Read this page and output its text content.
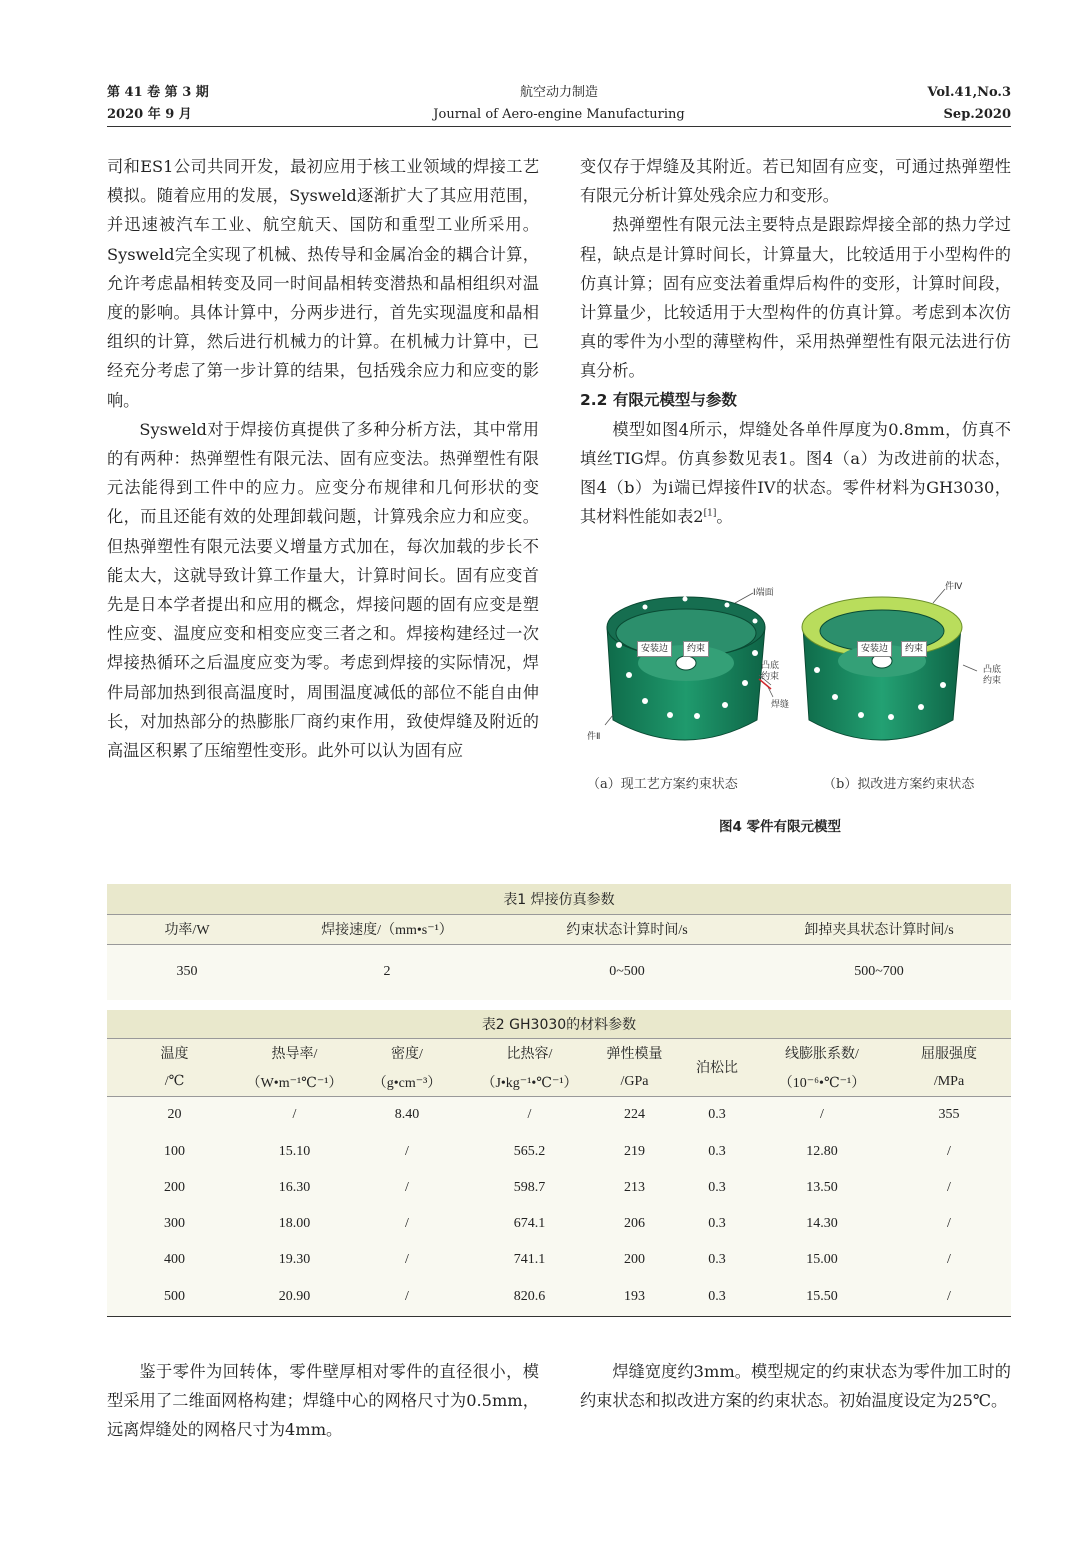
第 41 卷 第 3 期
2020 年 9 月
航空动力制造
Journal of Aero-engine Manufacturing
Vol.41,No.3
Sep.2020

司和ES1公司共同开发，最初应用于核工业领域的焊接工艺模拟。随着应用的发展，Sysweld逐渐扩大了其应用范围，并迅速被汽车工业、航空航天、国防和重型工业所采用。Sysweld完全实现了机械、热传导和金属冶金的耦合计算，允许考虑晶相转变及同一时间晶相转变潜热和晶相组织对温度的影响。具体计算中，分两步进行，首先实现温度和晶相组织的计算，然后进行机械力的计算。在机械力计算中，已经充分考虑了第一步计算的结果，包括残余应力和应变的影响。

Sysweld对于焊接仿真提供了多种分析方法，其中常用的有两种：热弹塑性有限元法、固有应变法。热弹塑性有限元法能得到工件中的应力。应变分布规律和几何形状的变化，而且还能有效的处理卸载问题，计算残余应力和应变。但热弹塑性有限元法要义增量方式加在，每次加载的步长不能太大，这就导致计算工作量大，计算时间长。固有应变首先是日本学者提出和应用的概念，焊接问题的固有应变是塑性应变、温度应变和相变应变三者之和。焊接构建经过一次焊接热循环之后温度应变为零。考虑到焊接的实际情况，焊件局部加热到很高温度时，周围温度减低的部位不能自由伸长，对加热部分的热膨胀厂商约束作用，致使焊缝及附近的高温区积累了压缩塑性变形。此外可以认为固有应

变仅存于焊缝及其附近。若已知固有应变，可通过热弹塑性有限元分析计算处残余应力和变形。

热弹塑性有限元法主要特点是跟踪焊接全部的热力学过程，缺点是计算时间长，计算量大，比较适用于小型构件的仿真计算；固有应变法着重焊后构件的变形，计算时间段，计算量少，比较适用于大型构件的仿真计算。考虑到本次仿真的零件为小型的薄壁构件，采用热弹塑性有限元法进行仿真分析。

2.2 有限元模型与参数

模型如图4所示，焊缝处各单件厚度为0.8mm，仿真不填丝TIG焊。仿真参数见表1。图4（a）为改进前的状态，图4（b）为i端已焊接件IV的状态。零件材料为GH3030，其材料性能如表2[1]。

I端面
安装边	约束
凸底约束
焊缝
件Ⅱ
件Ⅳ
安装边	约束
凸底约束
（a）现工艺方案约束状态	（b）拟改进方案约束状态
图4 零件有限元模型
表1 焊接仿真参数			
功率/W	焊接速度/（mm•s⁻¹）	约束状态计算时间/s	卸掉夹具状态计算时间/s
350	2	0~500	500~700
表2 GH3030的材料参数							
温度	热导率/	密度/	比热容/	弹性模量	泊松比	线膨胀系数/	屈服强度
/℃	（W•m⁻¹℃⁻¹）	（g•cm⁻³）	（J•kg⁻¹•℃⁻¹）	/GPa		（10⁻⁶•℃⁻¹）	/MPa
20	/	8.40	/	224	0.3	/	355
100	15.10	/	565.2	219	0.3	12.80	/
200	16.30	/	598.7	213	0.3	13.50	/
300	18.00	/	674.1	206	0.3	14.30	/
400	19.30	/	741.1	200	0.3	15.00	/
500	20.90	/	820.6	193	0.3	15.50	/

鉴于零件为回转体，零件壁厚相对零件的直径很小，模型采用了二维面网格构建；焊缝中心的网格尺寸为0.5mm，远离焊缝处的网格尺寸为4mm。

焊缝宽度约3mm。模型规定的约束状态为零件加工时的约束状态和拟改进方案的约束状态。初始温度设定为25℃。
